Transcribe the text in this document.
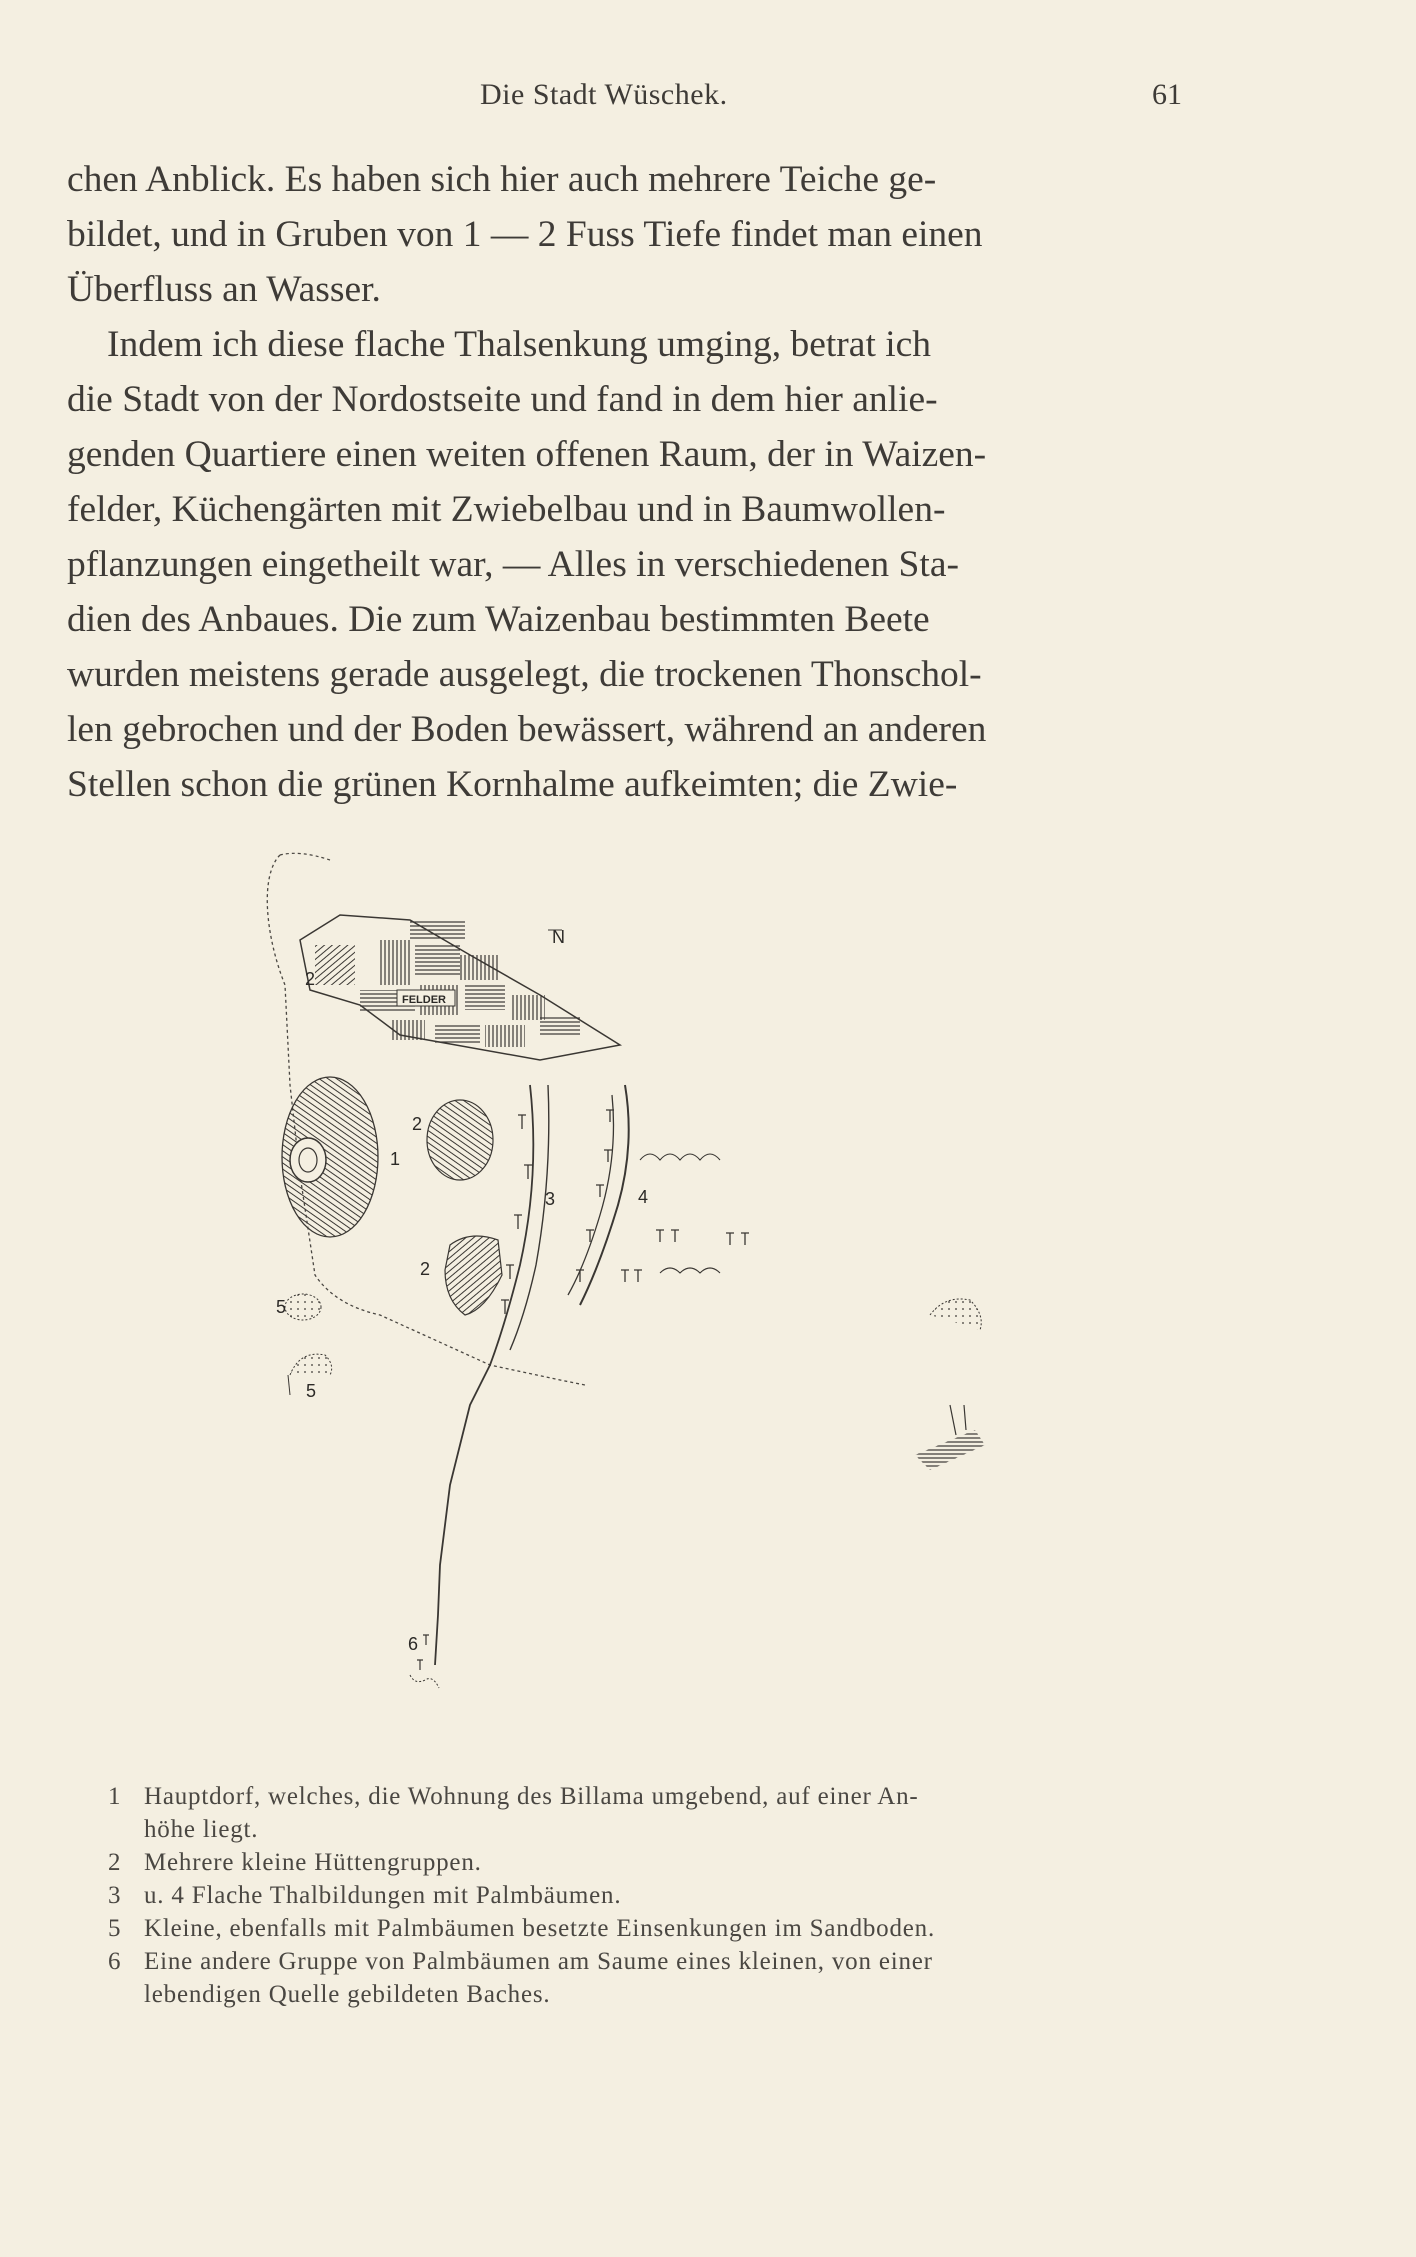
Die Stadt Wüschek.	61
chen Anblick. Es haben sich hier auch mehrere Teiche ge-
bildet, und in Gruben von 1 — 2 Fuss Tiefe findet man einen
Überfluss an Wasser.
Indem ich diese flache Thalsenkung umging, betrat ich
die Stadt von der Nordostseite und fand in dem hier anlie-
genden Quartiere einen weiten offenen Raum, der in Waizen-
felder, Küchengärten mit Zwiebelbau und in Baumwollen-
pflanzungen eingetheilt war, — Alles in verschiedenen Sta-
dien des Anbaues. Die zum Waizenbau bestimmten Beete
wurden meistens gerade ausgelegt, die trockenen Thonschol-
len gebrochen und der Boden bewässert, während an anderen
Stellen schon die grünen Kornhalme aufkeimten; die Zwie-
FELDER
N
2
1
2
2
3	4
5
5
6
1 Hauptdorf, welches, die Wohnung des Billama umgebend, auf einer An-
höhe liegt.
2 Mehrere kleine Hüttengruppen.
3 u. 4 Flache Thalbildungen mit Palmbäumen.
5 Kleine, ebenfalls mit Palmbäumen besetzte Einsenkungen im Sandboden.
6 Eine andere Gruppe von Palmbäumen am Saume eines kleinen, von einer
lebendigen Quelle gebildeten Baches.
